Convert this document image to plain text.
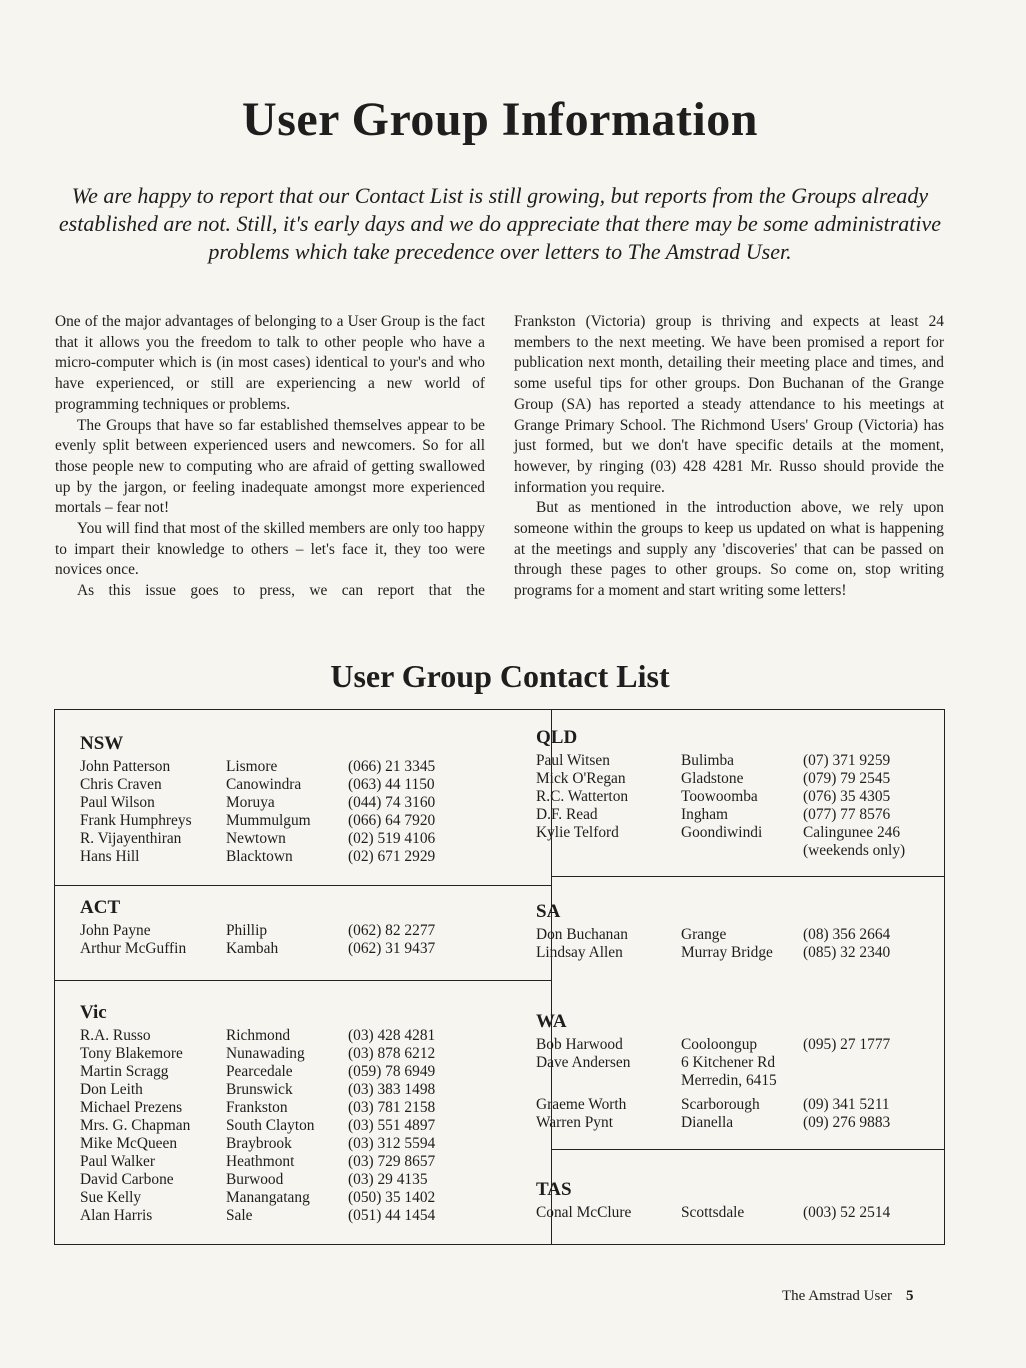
User Group Information
We are happy to report that our Contact List is still growing, but reports from the Groups already established are not. Still, it's early days and we do appreciate that there may be some administrative problems which take precedence over letters to The Amstrad User.

One of the major advantages of belonging to a User Group is the fact that it allows you the freedom to talk to other people who have a micro-computer which is (in most cases) identical to your's and who have experienced, or still are experiencing a new world of programming techniques or problems.

The Groups that have so far established themselves appear to be evenly split between experienced users and newcomers. So for all those people new to computing who are afraid of getting swallowed up by the jargon, or feeling inadequate amongst more experienced mortals – fear not!

You will find that most of the skilled members are only too happy to impart their knowledge to others – let's face it, they too were novices once.

As this issue goes to press, we can report that the

Frankston (Victoria) group is thriving and expects at least 24 members to the next meeting. We have been promised a report for publication next month, detailing their meeting place and times, and some useful tips for other groups. Don Buchanan of the Grange Group (SA) has reported a steady attendance to his meetings at Grange Primary School. The Richmond Users' Group (Victoria) has just formed, but we don't have specific details at the moment, however, by ringing (03) 428 4281 Mr. Russo should provide the information you require.

But as mentioned in the introduction above, we rely upon someone within the groups to keep us updated on what is happening at the meetings and supply any 'discoveries' that can be passed on through these pages to other groups. So come on, stop writing programs for a moment and start writing some letters!

User Group Contact List
NSW
John Patterson	Lismore	(066) 21 3345
Chris Craven	Canowindra	(063) 44 1150
Paul Wilson	Moruya	(044) 74 3160
Frank Humphreys	Mummulgum	(066) 64 7920
R. Vijayenthiran	Newtown	(02) 519 4106
Hans Hill	Blacktown	(02) 671 2929
ACT
John Payne	Phillip	(062) 82 2277
Arthur McGuffin	Kambah	(062) 31 9437
Vic
R.A. Russo	Richmond	(03) 428 4281
Tony Blakemore	Nunawading	(03) 878 6212
Martin Scragg	Pearcedale	(059) 78 6949
Don Leith	Brunswick	(03) 383 1498
Michael Prezens	Frankston	(03) 781 2158
Mrs. G. Chapman	South Clayton	(03) 551 4897
Mike McQueen	Braybrook	(03) 312 5594
Paul Walker	Heathmont	(03) 729 8657
David Carbone	Burwood	(03) 29 4135
Sue Kelly	Manangatang	(050) 35 1402
Alan Harris	Sale	(051) 44 1454
QLD
Paul Witsen	Bulimba	(07) 371 9259
Mick O'Regan	Gladstone	(079) 79 2545
R.C. Watterton	Toowoomba	(076) 35 4305
D.F. Read	Ingham	(077) 77 8576
Kylie Telford	Goondiwindi	Calingunee 246
(weekends only)
SA
Don Buchanan	Grange	(08) 356 2664
Lindsay Allen	Murray Bridge	(085) 32 2340
WA
Bob Harwood	Cooloongup	(095) 27 1777
Dave Andersen	6 Kitchener Rd
Merredin, 6415
Graeme Worth	Scarborough	(09) 341 5211
Warren Pynt	Dianella	(09) 276 9883
TAS
Conal McClure	Scottsdale	(003) 52 2514
The Amstrad User 5
